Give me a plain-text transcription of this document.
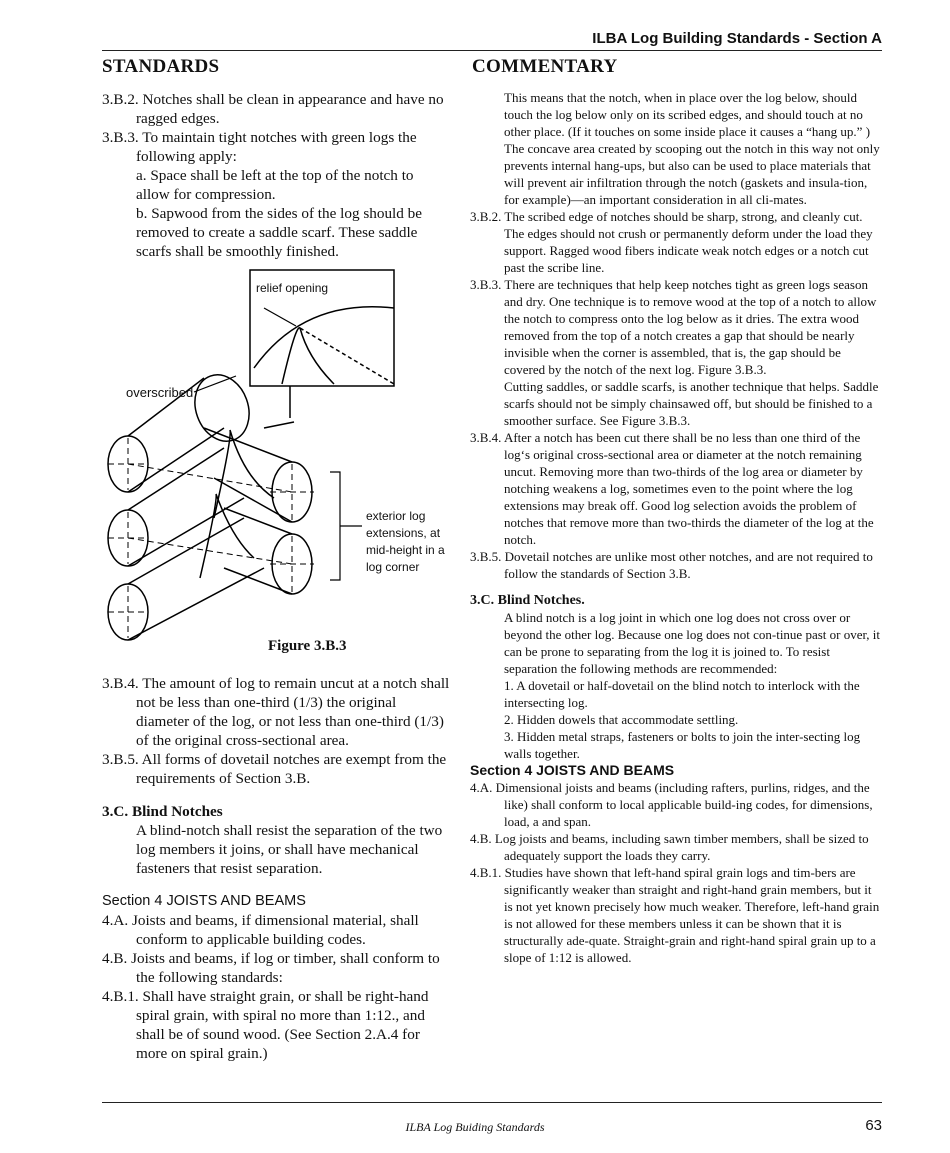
ILBA Log Building Standards - Section A
STANDARDS	COMMENTARY

3.B.2. Notches shall be clean in appearance and have no ragged edges.

3.B.3. To maintain tight notches with green logs the following apply:

a. Space shall be left at the top of the notch to allow for compression.

b. Sapwood from the sides of the log should be removed to create a saddle scarf. These saddle scarfs shall be smoothly finished.

relief opening
overscribed
exterior log extensions, at mid-height in a log corner
Figure 3.B.3

3.B.4. The amount of log to remain uncut at a notch shall not be less than one-third (1/3) the original diameter of the log, or not less than one-third (1/3) of the original cross-sectional area.

3.B.5. All forms of dovetail notches are exempt from the requirements of Section 3.B.

3.C. Blind Notches

A blind-notch shall resist the separation of the two log members it joins, or shall have mechanical fasteners that resist separation.

Section 4 JOISTS AND BEAMS

4.A. Joists and beams, if dimensional material, shall conform to applicable building codes.

4.B. Joists and beams, if log or timber, shall conform to the following standards:

4.B.1. Shall have straight grain, or shall be right-hand spiral grain, with spiral no more than 1:12., and shall be of sound wood. (See Section 2.A.4 for more on spiral grain.)

This means that the notch, when in place over the log below, should touch the log below only on its scribed edges, and should touch at no other place. (If it touches on some inside place it causes a “hang up.” ) The concave area created by scooping out the notch in this way not only prevents internal hang-ups, but also can be used to place materials that will prevent air infiltration through the notch (gaskets and insula-tion, for example)—an important consideration in all cli-mates.

3.B.2. The scribed edge of notches should be sharp, strong, and cleanly cut. The edges should not crush or permanently deform under the load they support. Ragged wood fibers indicate weak notch edges or a notch cut past the scribe line.

3.B.3. There are techniques that help keep notches tight as green logs season and dry. One technique is to remove wood at the top of a notch to allow the notch to compress onto the log below as it dries. The extra wood removed from the top of a notch creates a gap that should be nearly invisible when the corner is assembled, that is, the gap should be covered by the notch of the next log. Figure 3.B.3.

Cutting saddles, or saddle scarfs, is another technique that helps. Saddle scarfs should not be simply chainsawed off, but should be finished to a smoother surface. See Figure 3.B.3.

3.B.4. After a notch has been cut there shall be no less than one third of the log‘s original cross-sectional area or diameter at the notch remaining uncut. Removing more than two-thirds of the log area or diameter by notching weakens a log, sometimes even to the point where the log extensions may break off. Good log selection avoids the problem of notches that remove more than two-thirds the diameter of the log at the notch.

3.B.5. Dovetail notches are unlike most other notches, and are not required to follow the standards of Section 3.B.

3.C. Blind Notches.

A blind notch is a log joint in which one log does not cross over or beyond the other log. Because one log does not con-tinue past or over, it can be prone to separating from the log it is joined to. To resist separation the following methods are recommended:

1. A dovetail or half-dovetail on the blind notch to interlock with the intersecting log.

2. Hidden dowels that accommodate settling.

3. Hidden metal straps, fasteners or bolts to join the inter-secting log walls together.

Section 4 JOISTS AND BEAMS

4.A. Dimensional joists and beams (including rafters, purlins, ridges, and the like) shall conform to local applicable build-ing codes, for dimensions, load, a and span.

4.B. Log joists and beams, including sawn timber members, shall be sized to adequately support the loads they carry.

4.B.1. Studies have shown that left-hand spiral grain logs and tim-bers are significantly weaker than straight and right-hand grain members, but it is not yet known precisely how much weaker. Therefore, left-hand grain is not allowed for these members unless it can be shown that it is structurally ade-quate. Straight-grain and right-hand spiral grain up to a slope of 1:12 is allowed.

ILBA Log Buiding Standards	63
